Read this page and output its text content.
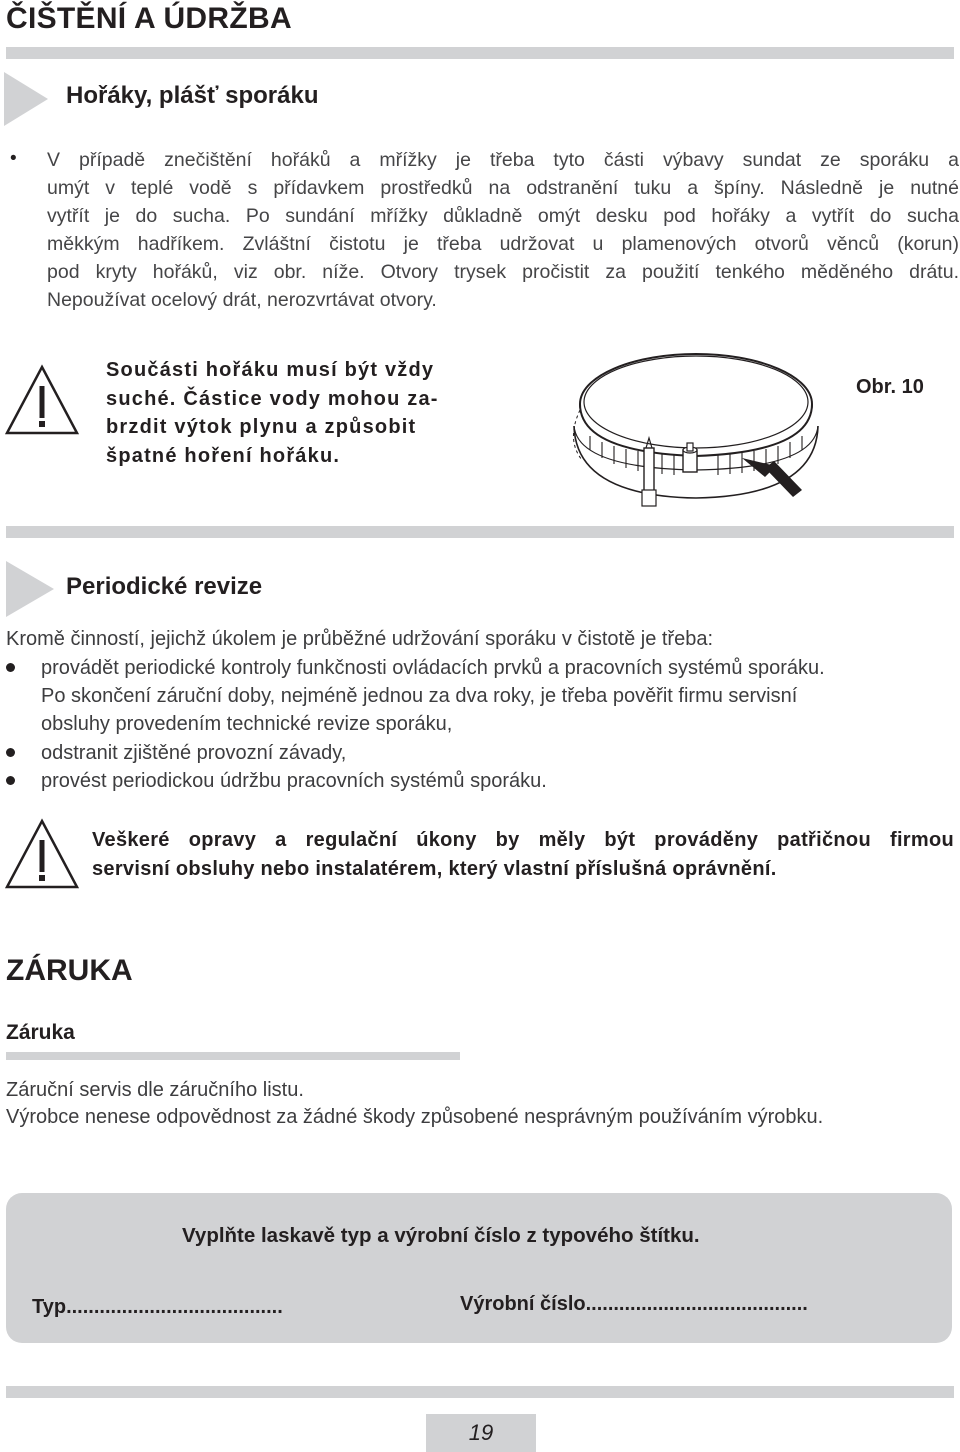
ČIŠTĚNÍ A ÚDRŽBA
Hořáky, plášť sporáku
• V případě znečištění hořáků a mřížky je třeba tyto části výbavy sundat ze sporáku a

umýt v teplé vodě s přídavkem prostředků na odstranění tuku a špíny. Následně je nutné

vytřít je do sucha. Po sundání mřížky důkladně omýt desku pod hořáky a vytřít do sucha

měkkým hadříkem. Zvláštní čistotu je třeba udržovat u plamenových otvorů věnců (korun)

pod kryty hořáků, viz obr. níže. Otvory trysek pročistit za použití tenkého měděného drátu.

Nepoužívat ocelový drát, nerozvrtávat otvory.

Součásti hořáku musí být vždy

suché. Částice vody mohou za-

brzdit výtok plynu a způsobit

špatné hoření hořáku.

Obr. 10
Periodické revize
Kromě činností, jejichž úkolem je průběžné udržování sporáku v čistotě je třeba:
provádět periodické kontroly funkčnosti ovládacích prvků a pracovních systémů sporáku.
Po skončení záruční doby, nejméně jednou za dva roky, je třeba pověřit firmu servisní
obsluhy provedením technické revize sporáku,
odstranit zjištěné provozní závady,
provést periodickou údržbu pracovních systémů sporáku.

Veškeré opravy a regulační úkony by měly být prováděny patřičnou firmou

servisní obsluhy nebo instalatérem, který vlastní příslušná oprávnění.

ZÁRUKA
Záruka
Záruční servis dle záručního listu.
Výrobce nenese odpovědnost za žádné škody způsobené nesprávným používáním výrobku.
Vyplňte laskavě typ a výrobní číslo z typového štítku.
Typ.......................................	Výrobní číslo........................................
19
